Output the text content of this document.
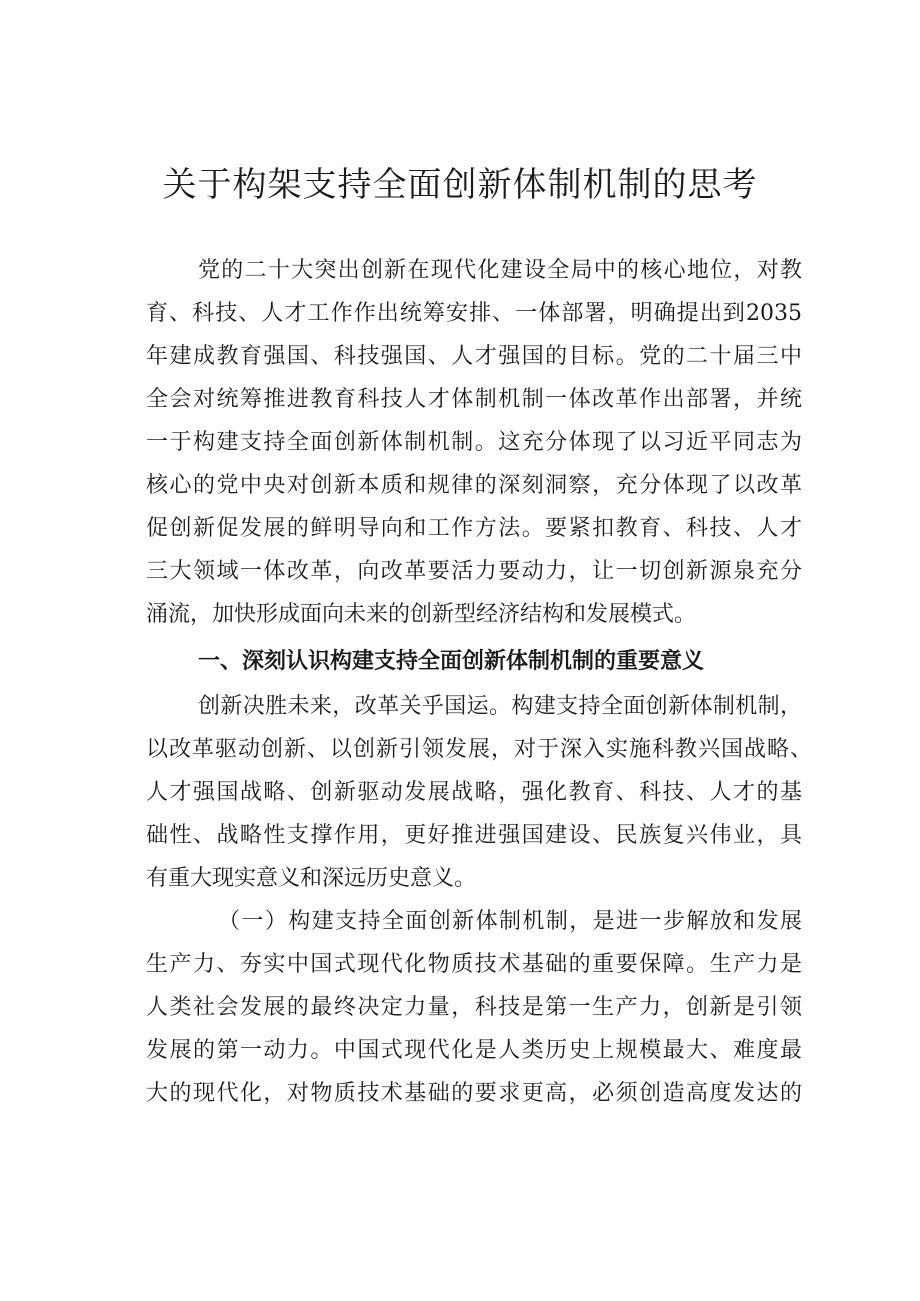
关于构架支持全面创新体制机制的思考

党的二十大突出创新在现代化建设全局中的核心地位，对教

育、科技、人才工作作出统筹安排、一体部署，明确提出到2035

年建成教育强国、科技强国、人才强国的目标。党的二十届三中

全会对统筹推进教育科技人才体制机制一体改革作出部署，并统

一于构建支持全面创新体制机制。这充分体现了以习近平同志为

核心的党中央对创新本质和规律的深刻洞察，充分体现了以改革

促创新促发展的鲜明导向和工作方法。要紧扣教育、科技、人才

三大领域一体改革，向改革要活力要动力，让一切创新源泉充分

涌流，加快形成面向未来的创新型经济结构和发展模式。

一、深刻认识构建支持全面创新体制机制的重要意义

创新决胜未来，改革关乎国运。构建支持全面创新体制机制，

以改革驱动创新、以创新引领发展，对于深入实施科教兴国战略、

人才强国战略、创新驱动发展战略，强化教育、科技、人才的基

础性、战略性支撑作用，更好推进强国建设、民族复兴伟业，具

有重大现实意义和深远历史意义。

（一）构建支持全面创新体制机制，是进一步解放和发展

生产力、夯实中国式现代化物质技术基础的重要保障。生产力是

人类社会发展的最终决定力量，科技是第一生产力，创新是引领

发展的第一动力。中国式现代化是人类历史上规模最大、难度最

大的现代化，对物质技术基础的要求更高，必须创造高度发达的
